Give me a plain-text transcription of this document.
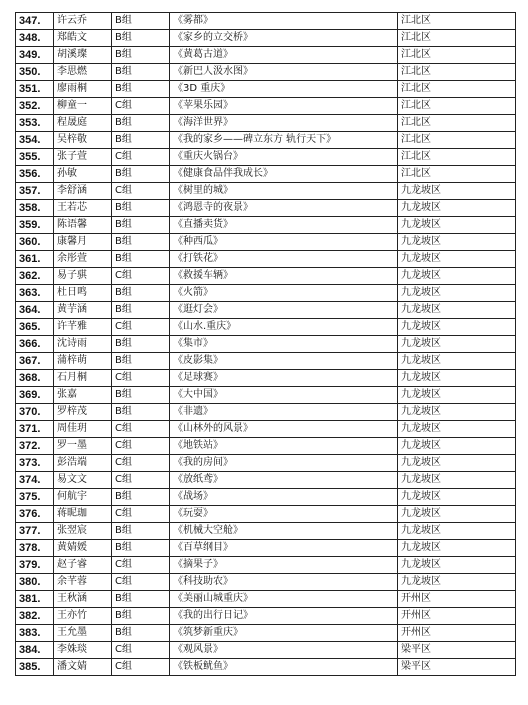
347.	许云乔	B组	《雾都》	江北区
348.	郑皓文	B组	《家乡的立交桥》	江北区
349.	胡溪璨	B组	《黄葛古道》	江北区
350.	李思燃	B组	《新巴人汲水图》	江北区
351.	廖雨桐	B组	《3D 重庆》	江北区
352.	柳童一	C组	《苹果乐园》	江北区
353.	程晟庭	B组	《海洋世界》	江北区
354.	吴梓敬	B组	《我的家乡——碑立东方 轨行天下》	江北区
355.	张子萱	C组	《重庆火锅台》	江北区
356.	孙敏	B组	《健康食品伴我成长》	江北区
357.	李舒涵	C组	《树里的城》	九龙坡区
358.	王若芯	B组	《鸿恩寺的夜景》	九龙坡区
359.	陈语馨	B组	《直播卖货》	九龙坡区
360.	康馨月	B组	《种西瓜》	九龙坡区
361.	余彤萱	B组	《打铁花》	九龙坡区
362.	易子骐	C组	《救援车辆》	九龙坡区
363.	杜日鸣	B组	《火箭》	九龙坡区
364.	黄芋涵	B组	《逛灯会》	九龙坡区
365.	许芊雅	C组	《山水.重庆》	九龙坡区
366.	沈诗雨	B组	《集市》	九龙坡区
367.	蒲梓萌	B组	《皮影集》	九龙坡区
368.	石月桐	C组	《足球赛》	九龙坡区
369.	张嘉	B组	《大中国》	九龙坡区
370.	罗梓茂	B组	《非遗》	九龙坡区
371.	周佳玥	C组	《山林外的风景》	九龙坡区
372.	罗一墨	C组	《地铁站》	九龙坡区
373.	彭浩端	C组	《我的房间》	九龙坡区
374.	易文文	C组	《放纸鸢》	九龙坡区
375.	何航宇	B组	《战场》	九龙坡区
376.	蒋昵珈	C组	《玩耍》	九龙坡区
377.	张翌宸	B组	《机械大空舱》	九龙坡区
378.	黄婧媛	B组	《百草纲目》	九龙坡区
379.	赵子睿	C组	《摘果子》	九龙坡区
380.	余芊蓉	C组	《科技助农》	九龙坡区
381.	王秋涵	B组	《美丽山城重庆》	开州区
382.	王亦竹	B组	《我的出行日记》	开州区
383.	王允墨	B组	《筑梦新重庆》	开州区
384.	李姝琰	C组	《观风景》	梁平区
385.	潘文婧	C组	《铁板鱿鱼》	梁平区
